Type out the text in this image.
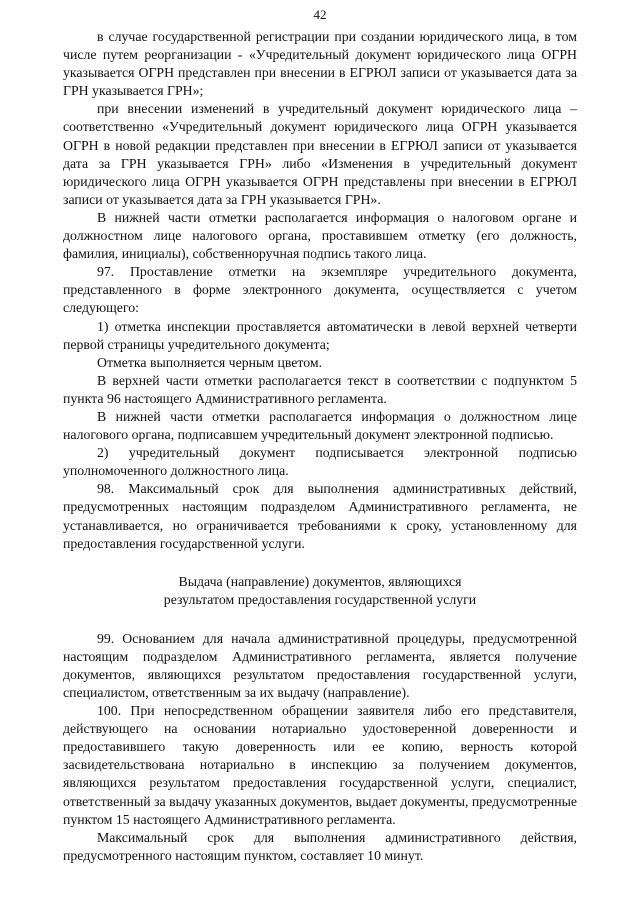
42

в случае государственной регистрации при создании юридического лица, в том числе путем реорганизации - «Учредительный документ юридического лица ОГРН указывается ОГРН представлен при внесении в ЕГРЮЛ записи от указывается дата за ГРН указывается ГРН»;

при внесении изменений в учредительный документ юридического лица – соответственно «Учредительный документ юридического лица ОГРН указывается ОГРН в новой редакции представлен при внесении в ЕГРЮЛ записи от указывается дата за ГРН указывается ГРН» либо «Изменения в учредительный документ юридического лица ОГРН указывается ОГРН представлены при внесении в ЕГРЮЛ записи от указывается дата за ГРН указывается ГРН».

В нижней части отметки располагается информация о налоговом органе и должностном лице налогового органа, проставившем отметку (его должность, фамилия, инициалы), собственноручная подпись такого лица.

97. Проставление отметки на экземпляре учредительного документа, представленного в форме электронного документа, осуществляется с учетом следующего:

1) отметка инспекции проставляется автоматически в левой верхней четверти первой страницы учредительного документа;

Отметка выполняется черным цветом.

В верхней части отметки располагается текст в соответствии с подпунктом 5 пункта 96 настоящего Административного регламента.

В нижней части отметки располагается информация о должностном лице налогового органа, подписавшем учредительный документ электронной подписью.

2) учредительный документ подписывается электронной подписью уполномоченного должностного лица.

98. Максимальный срок для выполнения административных действий, предусмотренных настоящим подразделом Административного регламента, не устанавливается, но ограничивается требованиями к сроку, установленному для предоставления государственной услуги.

Выдача (направление) документов, являющихся
результатом предоставления государственной услуги

99. Основанием для начала административной процедуры, предусмотренной настоящим подразделом Административного регламента, является получение документов, являющихся результатом предоставления государственной услуги, специалистом, ответственным за их выдачу (направление).

100. При непосредственном обращении заявителя либо его представителя, действующего на основании нотариально удостоверенной доверенности и предоставившего такую доверенность или ее копию, верность которой засвидетельствована нотариально в инспекцию за получением документов, являющихся результатом предоставления государственной услуги, специалист, ответственный за выдачу указанных документов, выдает документы, предусмотренные пунктом 15 настоящего Административного регламента.

Максимальный срок для выполнения административного действия, предусмотренного настоящим пунктом, составляет 10 минут.
